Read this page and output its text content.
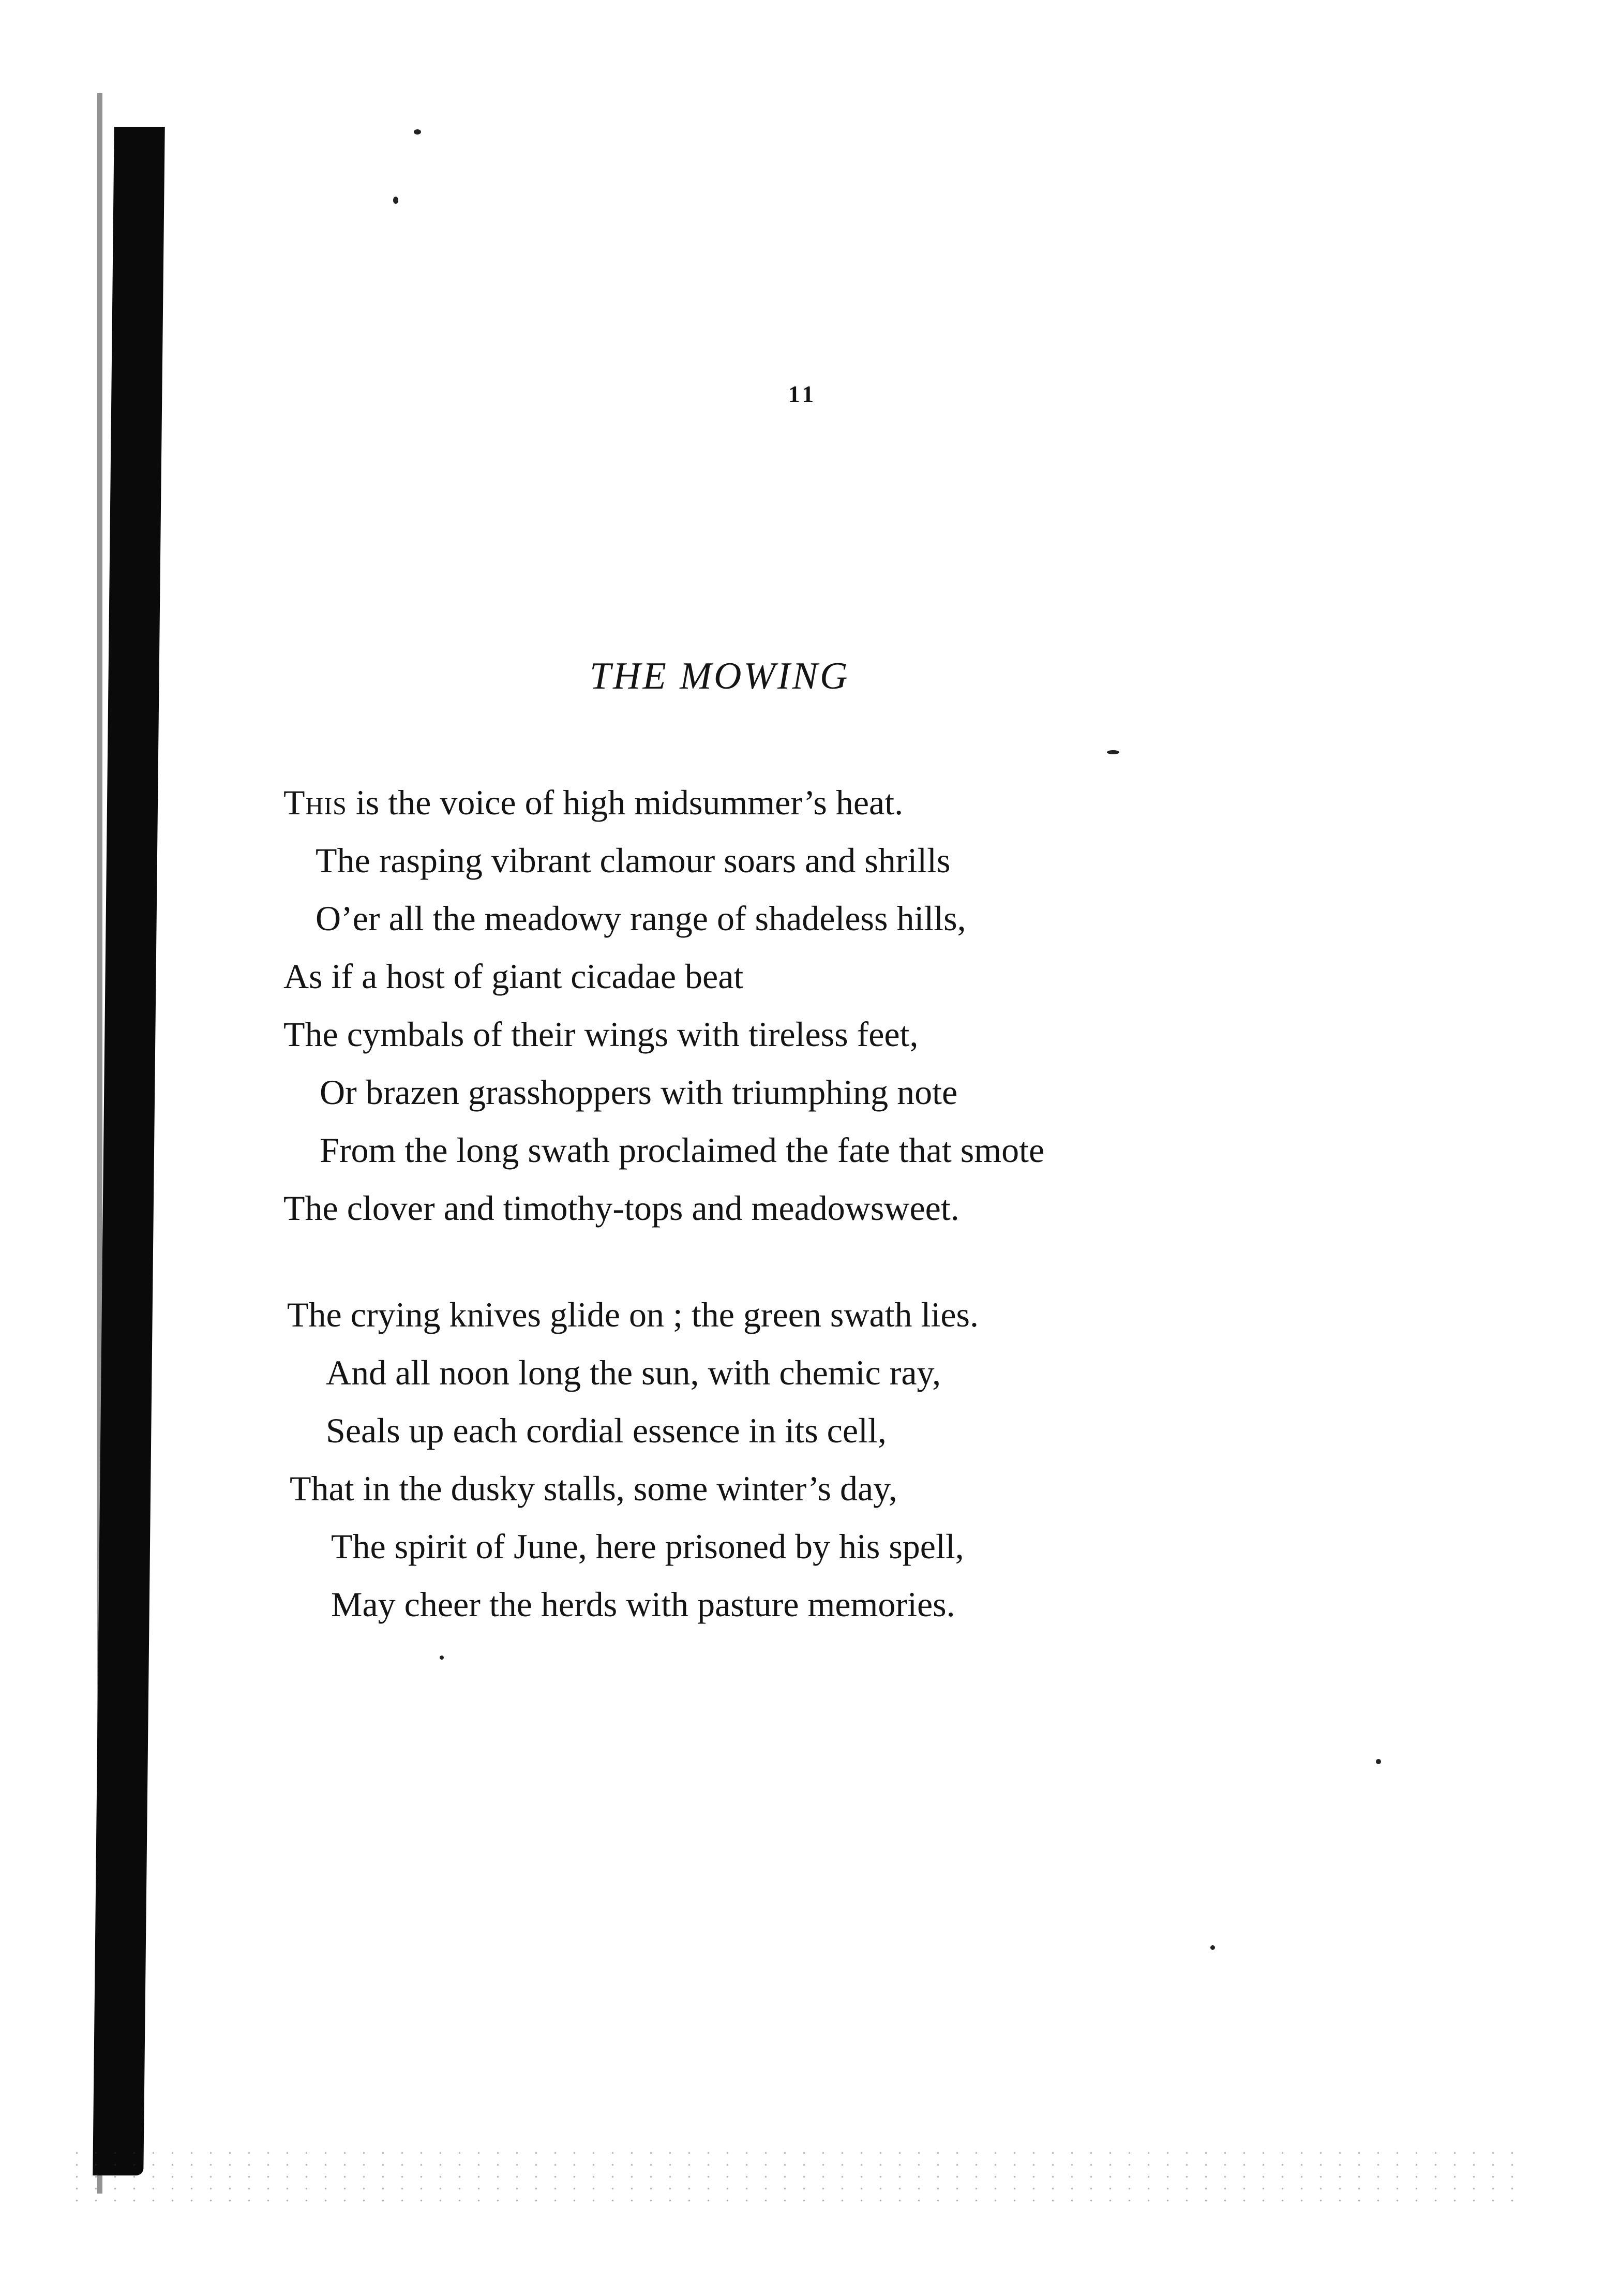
11
THE MOWING
This is the voice of high midsummer’s heat.
The rasping vibrant clamour soars and shrills
O’er all the meadowy range of shadeless hills,
As if a host of giant cicadae beat
The cymbals of their wings with tireless feet,
Or brazen grasshoppers with triumphing note
From the long swath proclaimed the fate that smote
The clover and timothy-tops and meadowsweet.
The crying knives glide on ; the green swath lies.
And all noon long the sun, with chemic ray,
Seals up each cordial essence in its cell,
That in the dusky stalls, some winter’s day,
The spirit of June, here prisoned by his spell,
May cheer the herds with pasture memories.
